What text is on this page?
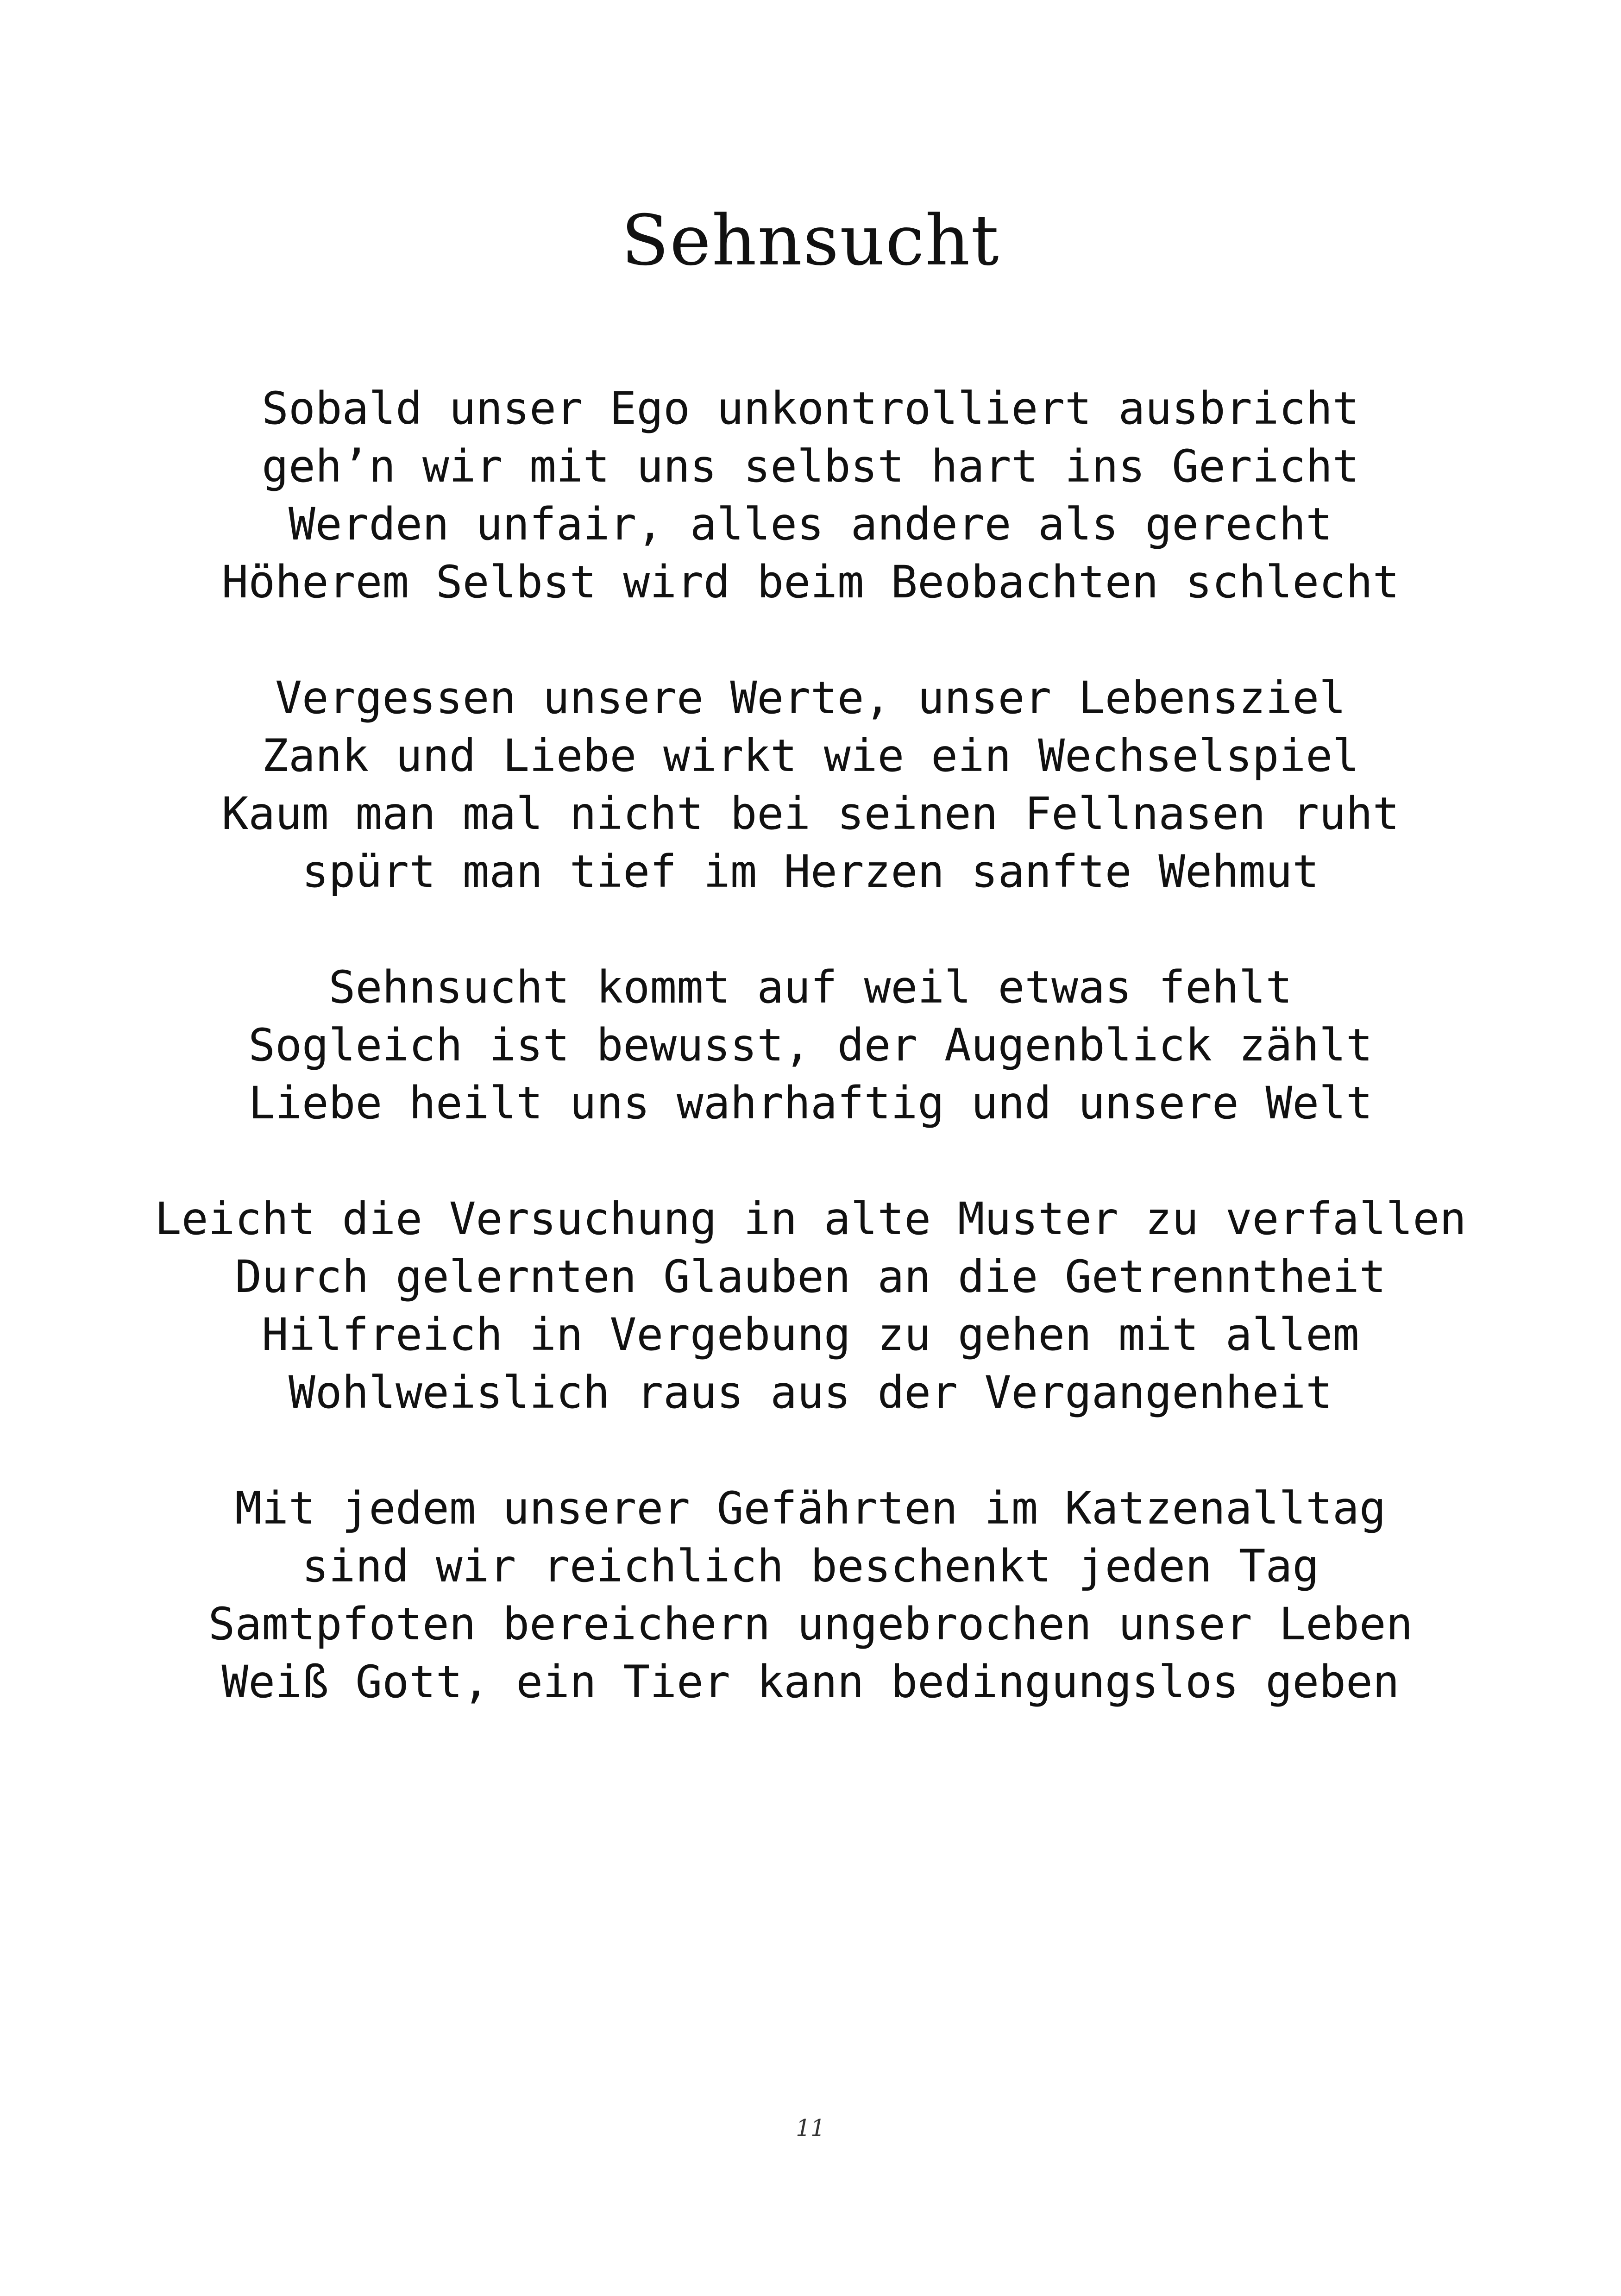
Sehnsucht
Sobald unser Ego unkontrolliert ausbricht
geh’n wir mit uns selbst hart ins Gericht
Werden unfair, alles andere als gerecht
Höherem Selbst wird beim Beobachten schlecht
Vergessen unsere Werte, unser Lebensziel
Zank und Liebe wirkt wie ein Wechselspiel
Kaum man mal nicht bei seinen Fellnasen ruht
spürt man tief im Herzen sanfte Wehmut
Sehnsucht kommt auf weil etwas fehlt
Sogleich ist bewusst, der Augenblick zählt
Liebe heilt uns wahrhaftig und unsere Welt
Leicht die Versuchung in alte Muster zu verfallen
Durch gelernten Glauben an die Getrenntheit
Hilfreich in Vergebung zu gehen mit allem
Wohlweislich raus aus der Vergangenheit
Mit jedem unserer Gefährten im Katzenalltag
sind wir reichlich beschenkt jeden Tag
Samtpfoten bereichern ungebrochen unser Leben
Weiß Gott, ein Tier kann bedingungslos geben
11
